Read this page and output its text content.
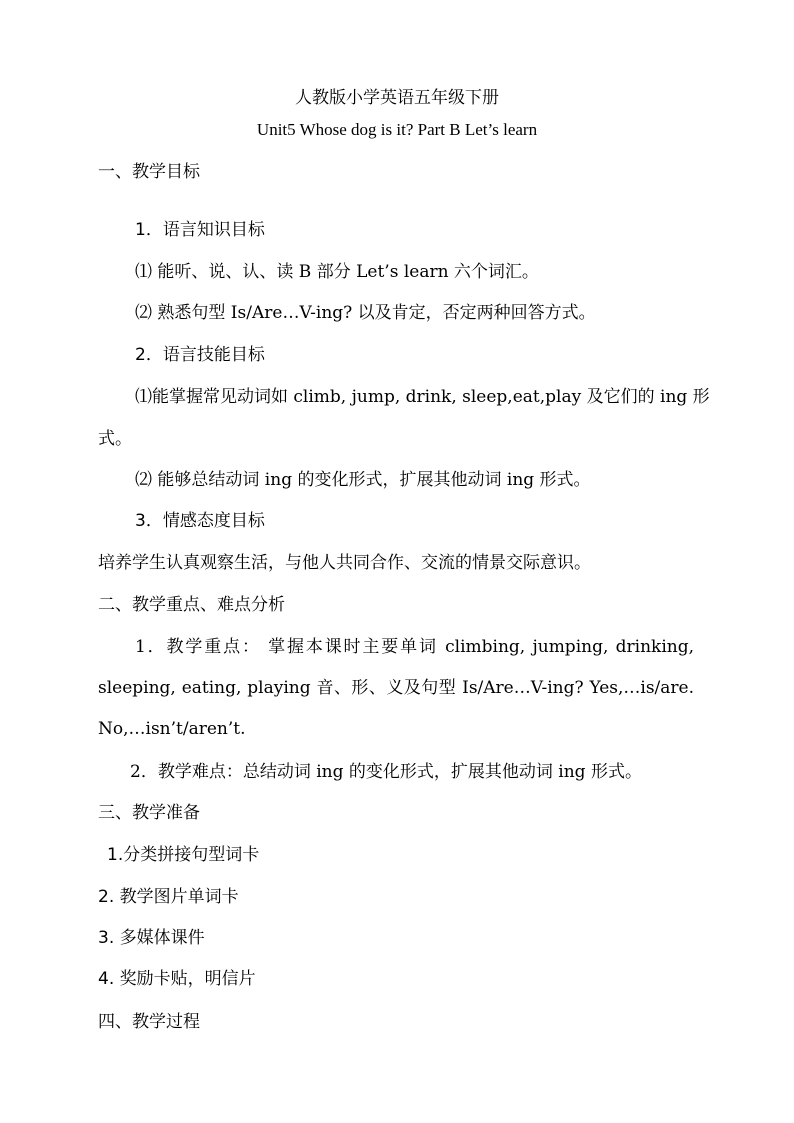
人教版小学英语五年级下册
Unit5 Whose dog is it? Part B Let’s learn
一、教学目标
1．语言知识目标
⑴ 能听、说、认、读 B 部分 Let’s learn 六个词汇。
⑵ 熟悉句型 Is/Are…V-ing? 以及肯定，否定两种回答方式。
2．语言技能目标
⑴能掌握常见动词如 climb, jump, drink, sleep,eat,play 及它们的 ing 形
式。
⑵ 能够总结动词 ing 的变化形式，扩展其他动词 ing 形式。
3．情感态度目标
培养学生认真观察生活，与他人共同合作、交流的情景交际意识。
二、教学重点、难点分析
1．教学重点： 掌握本课时主要单词 climbing, jumping, drinking,
sleeping, eating, playing 音、形、义及句型 Is/Are…V-ing? Yes,…is/are.
No,…isn’t/aren’t.
2．教学难点：总结动词 ing 的变化形式，扩展其他动词 ing 形式。
三、教学准备
1.分类拼接句型词卡
2. 教学图片单词卡
3. 多媒体课件
4. 奖励卡贴，明信片
四、教学过程
